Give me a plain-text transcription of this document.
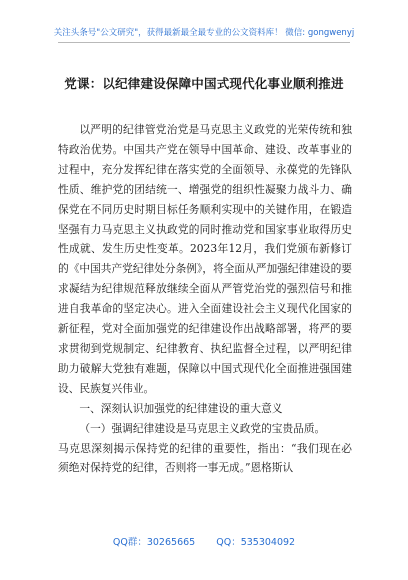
关注头条号"公文研究"，获得最新最全最专业的公文资料库！ 微信: gongwenyj
党课：以纪律建设保障中国式现代化事业顺利推进

以严明的纪律管党治党是马克思主义政党的光荣传统和独特政治优势。中国共产党在领导中国革命、建设、改革事业的过程中，充分发挥纪律在落实党的全面领导、永葆党的先锋队性质、维护党的团结统一、增强党的组织性凝聚力战斗力、确保党在不同历史时期目标任务顺利实现中的关键作用，在锻造坚强有力马克思主义执政党的同时推动党和国家事业取得历史性成就、发生历史性变革。2023年12月，我们党颁布新修订的《中国共产党纪律处分条例》，将全面从严加强纪律建设的要求凝结为纪律规范释放继续全面从严管党治党的强烈信号和推进自我革命的坚定决心。进入全面建设社会主义现代化国家的新征程，党对全面加强党的纪律建设作出战略部署，将严的要求贯彻到党规制定、纪律教育、执纪监督全过程，以严明纪律助力破解大党独有难题，保障以中国式现代化全面推进强国建设、民族复兴伟业。

一、深刻认识加强党的纪律建设的重大意义

（一）强调纪律建设是马克思主义政党的宝贵品质。

马克思深刻揭示保持党的纪律的重要性，指出：“我们现在必须绝对保持党的纪律，否则将一事无成。”恩格斯认

QQ群：30265665 QQ：535304092
